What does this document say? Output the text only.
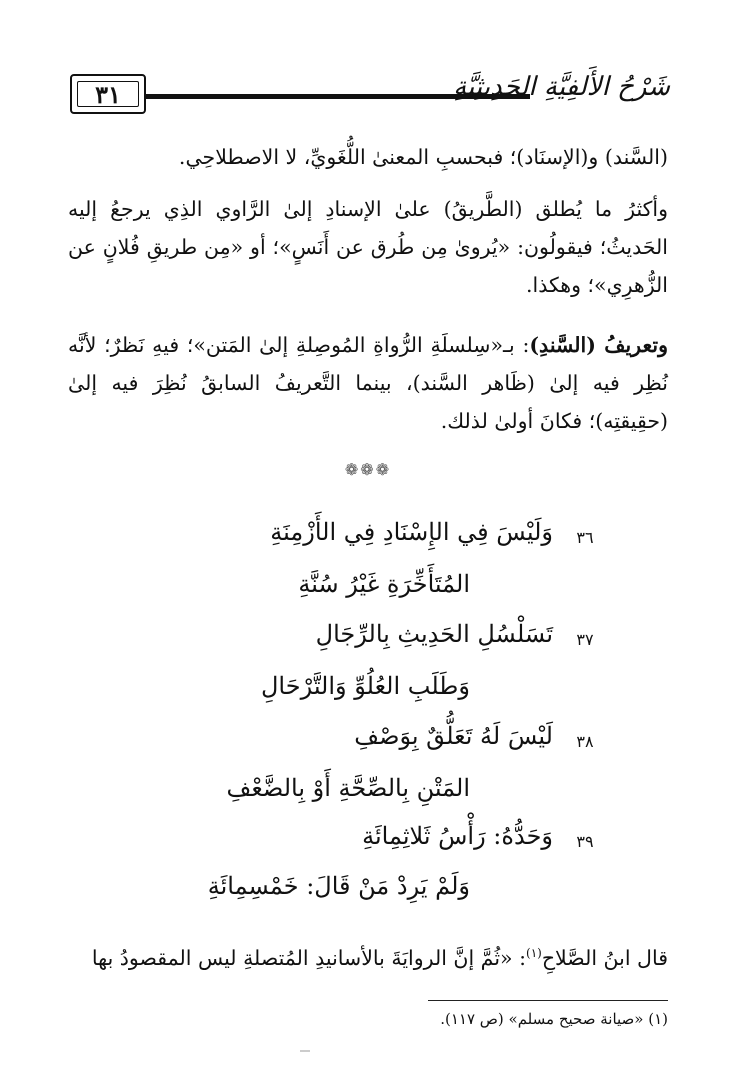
٣١	شَرْحُ الأَلفِيَّةِ الحَدِيثِيَّةِ
(السَّند) و(الإسنَاد)؛ فبحسبِ المعنىٰ اللُّغَويِّ، لا الاصطلاحِي.
وأكثرُ ما يُطلق (الطَّريقُ) علىٰ الإسنادِ إلىٰ الرَّاوي الذِي يرجعُ إليه الحَديثُ؛ فيقولُون: «يُروىٰ مِن طُرق عن أَنَسٍ»؛ أو «مِن طريقِ فُلانٍ عن الزُّهرِي»؛ وهكذا.
وتعريفُ (السَّندِ): بـ«سِلسلَةِ الرُّواةِ المُوصِلةِ إلىٰ المَتن»؛ فيهِ نَظرٌ؛ لأنَّه نُظِر فيه إلىٰ (ظَاهر السَّند)، بينما التَّعريفُ السابقُ نُظِرَ فيه إلىٰ (حقِيقتِه)؛ فكانَ أولىٰ لذلك.
❁❁❁
٣٦
وَلَيْسَ فِي الإِسْنَادِ فِي الأَزْمِنَةِ
المُتَأَخِّرَةِ غَيْرُ سُنَّةِ
٣٧
تَسَلْسُلِ الحَدِيثِ بِالرِّجَالِ
وَطَلَبِ العُلُوِّ وَالتَّرْحَالِ
٣٨
لَيْسَ لَهُ تَعَلُّقٌ بِوَصْفِ
المَتْنِ بِالصِّحَّةِ أَوْ بِالضَّعْفِ
٣٩
وَحَدُّهُ: رَأْسُ ثَلاثِمِائَةِ
وَلَمْ يَرِدْ مَنْ قَالَ: خَمْسِمِائَةِ
قال ابنُ الصَّلاحِ$^{(١)}$: «ثُمَّ إنَّ الروايَةَ بالأسانيدِ المُتصلةِ ليس المقصودُ بها
(١) «صيانة صحيح مسلم» (ص ١١٧).
